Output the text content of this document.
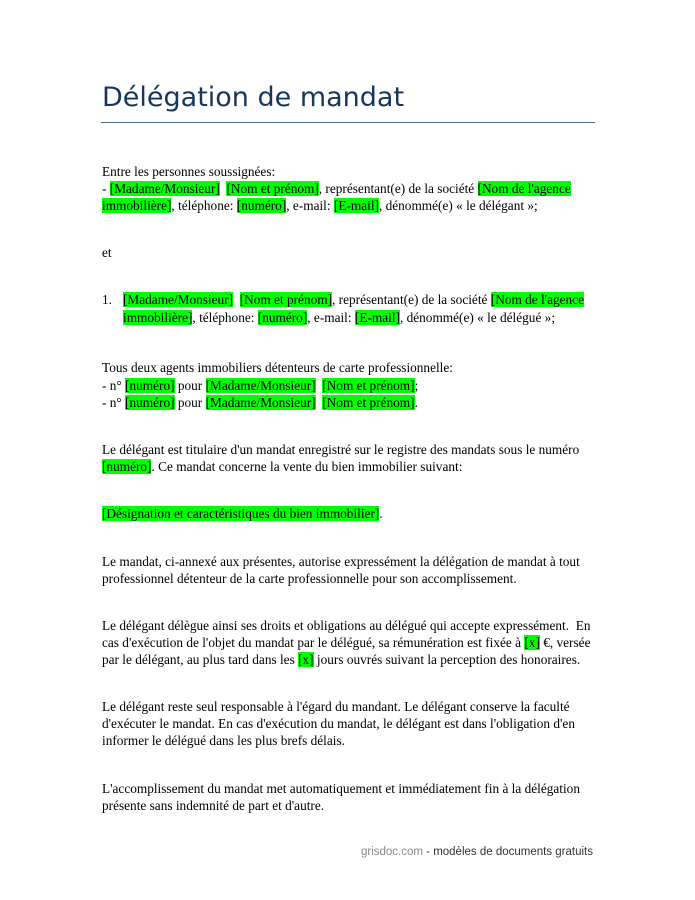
Délégation de mandat
1.
Entre les personnes soussignées:
- [Madame/Monsieur] [Nom et prénom], représentant(e) de la société [Nom de l'agence
immobilière], téléphone: [numéro], e-mail: [E-mail], dénommé(e) « le délégant »;
et
[Madame/Monsieur] [Nom et prénom], représentant(e) de la société [Nom de l'agence
immobilière], téléphone: [numéro], e-mail: [E-mail], dénommé(e) « le délégué »;
Tous deux agents immobiliers détenteurs de carte professionnelle:
- n° [numéro] pour [Madame/Monsieur] [Nom et prénom];
- n° [numéro] pour [Madame/Monsieur] [Nom et prénom].
Le délégant est titulaire d'un mandat enregistré sur le registre des mandats sous le numéro
[numéro]. Ce mandat concerne la vente du bien immobilier suivant:
[Désignation et caractéristiques du bien immobilier].
Le mandat, ci-annexé aux présentes, autorise expressément la délégation de mandat à tout
professionnel détenteur de la carte professionnelle pour son accomplissement.
Le délégant délègue ainsi ses droits et obligations au délégué qui accepte expressément.  En
cas d'exécution de l'objet du mandat par le délégué, sa rémunération est fixée à [x] €, versée
par le délégant, au plus tard dans les [x] jours ouvrés suivant la perception des honoraires.
Le délégant reste seul responsable à l'égard du mandant. Le délégant conserve la faculté
d'exécuter le mandat. En cas d'exécution du mandat, le délégant est dans l'obligation d'en
informer le délégué dans les plus brefs délais.
L'accomplissement du mandat met automatiquement et immédiatement fin à la délégation
présente sans indemnité de part et d'autre.
grisdoc.com - modèles de documents gratuits
